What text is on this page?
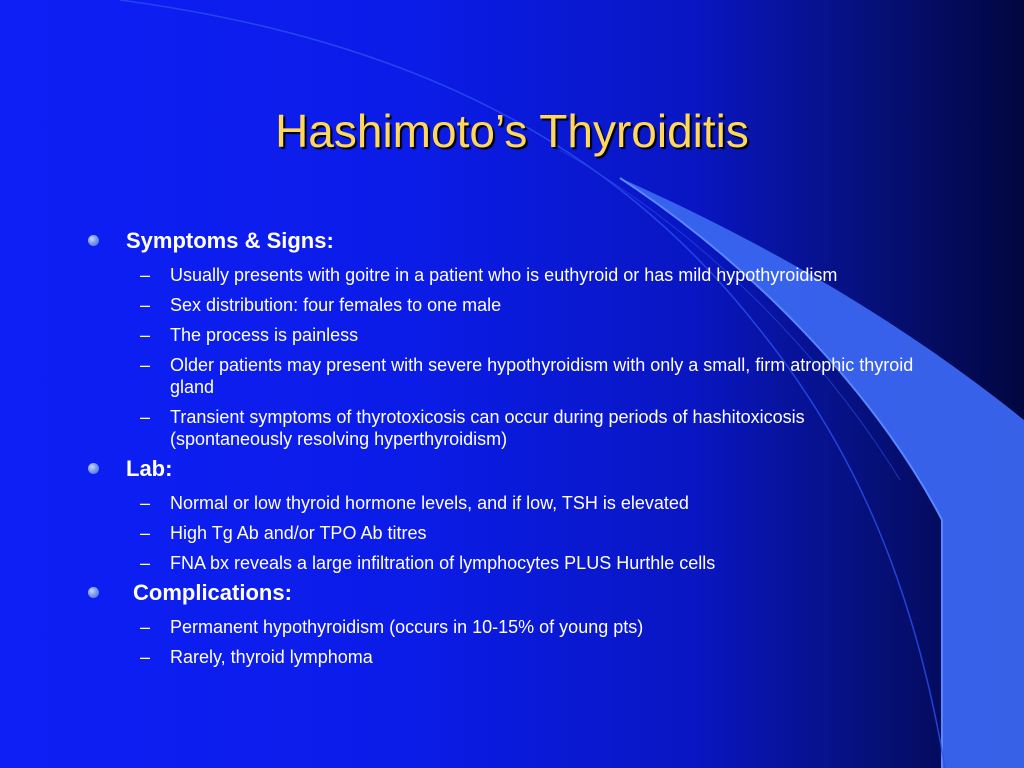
Hashimoto’s Thyroiditis
Symptoms & Signs:
– Usually presents with goitre in a patient who is euthyroid or has mild hypothyroidism
– Sex distribution: four females to one male
– The process is painless
– Older patients may present with severe hypothyroidism with only a small, firm atrophic thyroid gland
– Transient symptoms of thyrotoxicosis can occur during periods of hashitoxicosis (spontaneously resolving hyperthyroidism)
Lab:
– Normal or low thyroid hormone levels, and if low, TSH is elevated
– High Tg Ab and/or TPO Ab titres
– FNA bx reveals a large infiltration of lymphocytes PLUS Hurthle cells
Complications:
– Permanent hypothyroidism (occurs in 10-15% of young pts)
– Rarely, thyroid lymphoma
